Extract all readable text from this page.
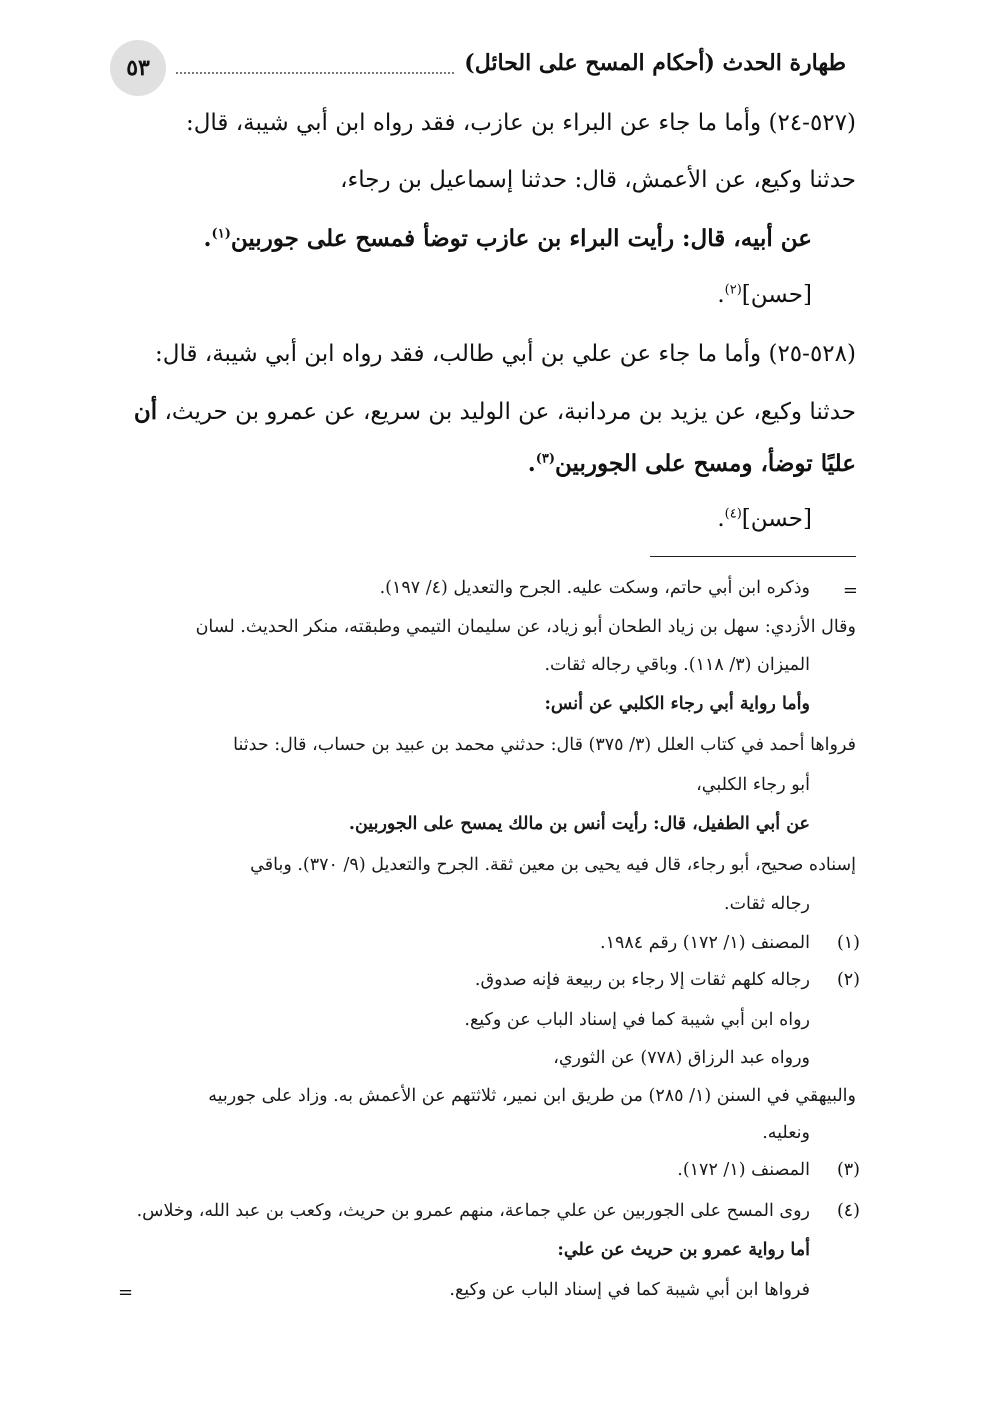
٥٣	طهارة الحدث (أحكام المسح على الحائل)
(٥٢٧-٢٤) وأما ما جاء عن البراء بن عازب، فقد رواه ابن أبي شيبة، قال:
حدثنا وكيع، عن الأعمش، قال: حدثنا إسماعيل بن رجاء،
عن أبيه، قال: رأيت البراء بن عازب توضأ فمسح على جوربين$^{(١)}$.
[حسن]$^{(٢)}$.
(٥٢٨-٢٥) وأما ما جاء عن علي بن أبي طالب، فقد رواه ابن أبي شيبة، قال:
حدثنا وكيع، عن يزيد بن مردانبة، عن الوليد بن سريع، عن عمرو بن حريث، أن
عليًا توضأ، ومسح على الجوربين$^{(٣)}$.
[حسن]$^{(٤)}$.
=
وذكره ابن أبي حاتم، وسكت عليه. الجرح والتعديل (٤/ ١٩٧).
وقال الأزدي: سهل بن زياد الطحان أبو زياد، عن سليمان التيمي وطبقته، منكر الحديث. لسان
الميزان (٣/ ١١٨). وباقي رجاله ثقات.
وأما رواية أبي رجاء الكلبي عن أنس:
فرواها أحمد في كتاب العلل (٣/ ٣٧٥) قال: حدثني محمد بن عبيد بن حساب، قال: حدثنا
أبو رجاء الكلبي،
عن أبي الطفيل، قال: رأيت أنس بن مالك يمسح على الجوربين.
إسناده صحيح، أبو رجاء، قال فيه يحيى بن معين ثقة. الجرح والتعديل (٩/ ٣٧٠). وباقي
رجاله ثقات.
(١)
المصنف (١/ ١٧٢) رقم ١٩٨٤.
(٢)
رجاله كلهم ثقات إلا رجاء بن ربيعة فإنه صدوق.
رواه ابن أبي شيبة كما في إسناد الباب عن وكيع.
ورواه عبد الرزاق (٧٧٨) عن الثوري،
والبيهقي في السنن (١/ ٢٨٥) من طريق ابن نمير، ثلاثتهم عن الأعمش به. وزاد على جوربيه
ونعليه.
(٣)
المصنف (١/ ١٧٢).
(٤)
روى المسح على الجوربين عن علي جماعة، منهم عمرو بن حريث، وكعب بن عبد الله، وخلاس.
أما رواية عمرو بن حريث عن علي:
فرواها ابن أبي شيبة كما في إسناد الباب عن وكيع.
=
